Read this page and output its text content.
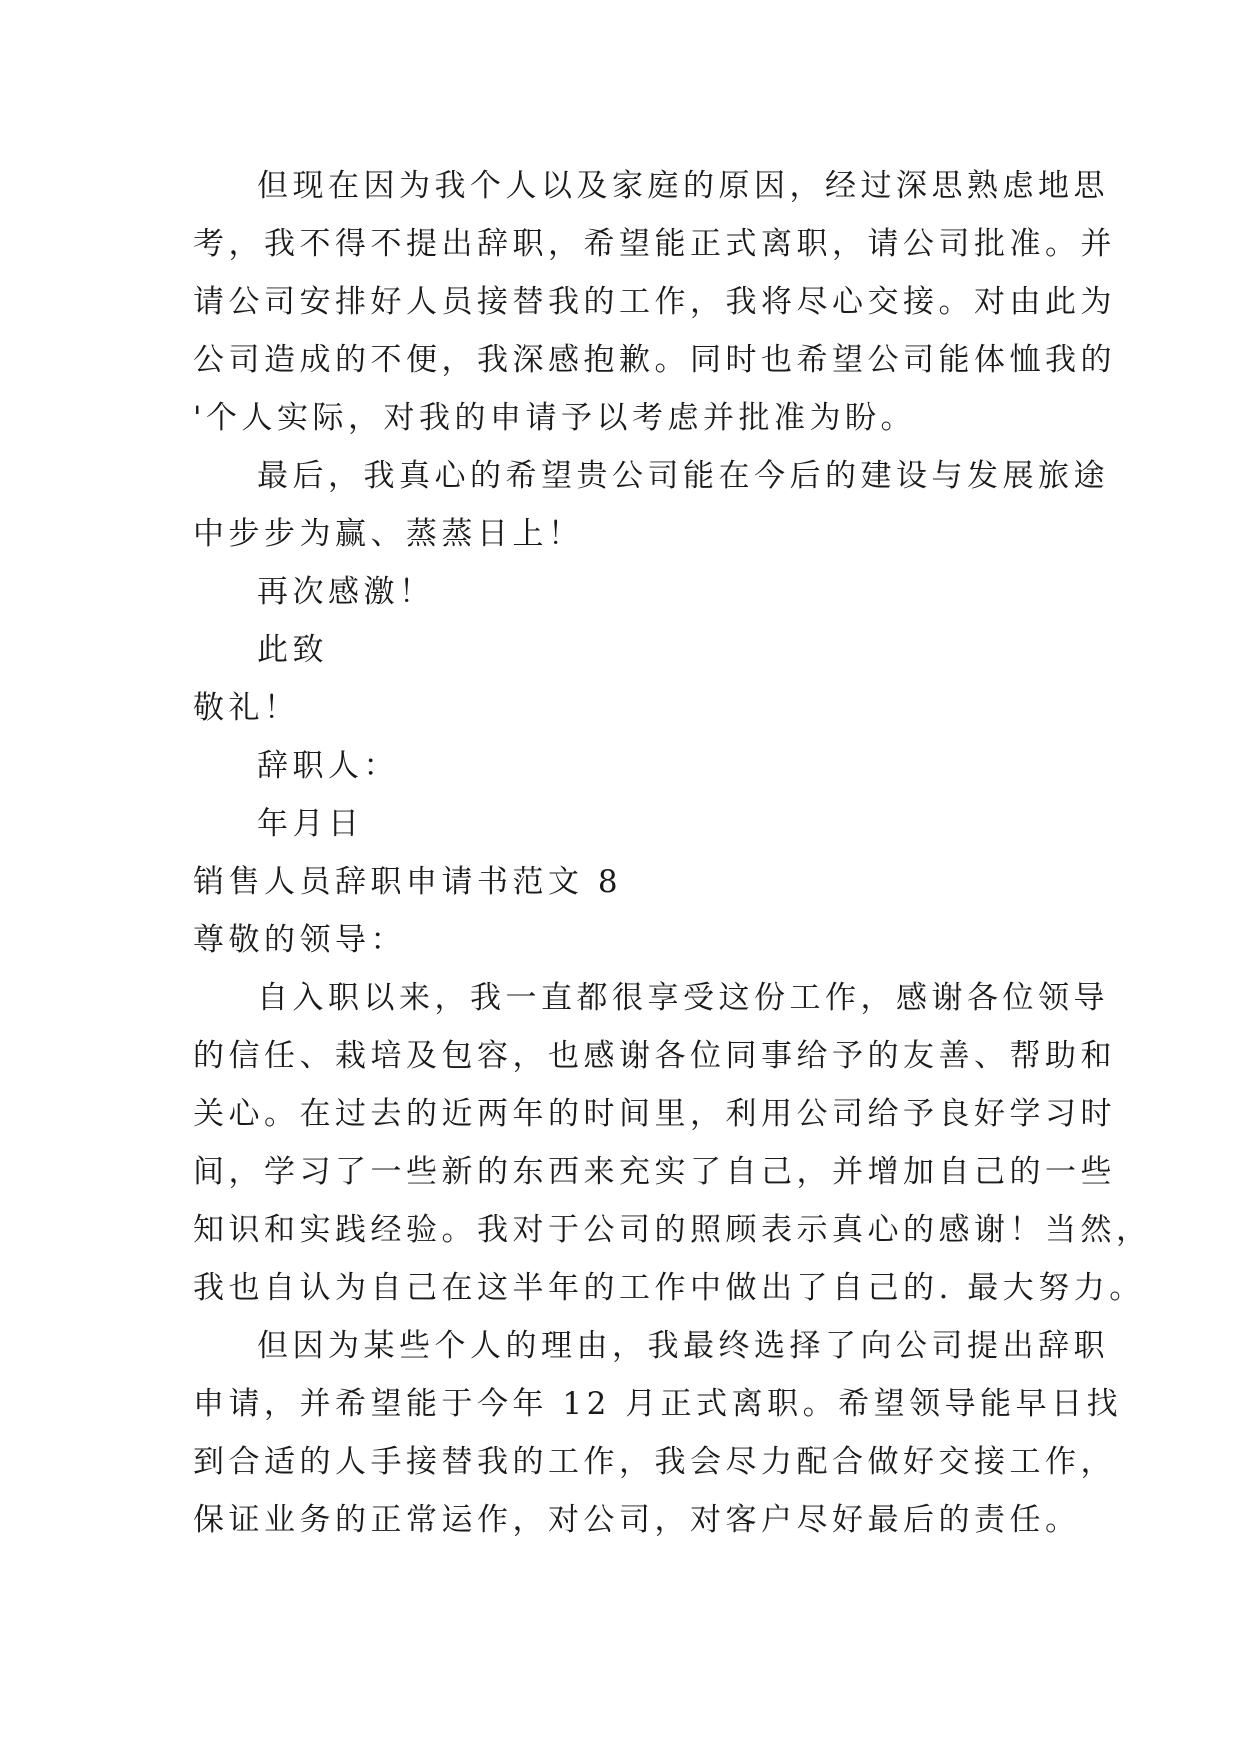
但现在因为我个人以及家庭的原因，经过深思熟虑地思
考，我不得不提出辞职，希望能正式离职，请公司批准。并
请公司安排好人员接替我的工作，我将尽心交接。对由此为
公司造成的不便，我深感抱歉。同时也希望公司能体恤我的
'个人实际，对我的申请予以考虑并批准为盼。
最后，我真心的希望贵公司能在今后的建设与发展旅途
中步步为赢、蒸蒸日上！
再次感激！
此致
敬礼！
辞职人：
年月日
销售人员辞职申请书范文 8
尊敬的领导：
自入职以来，我一直都很享受这份工作，感谢各位领导
的信任、栽培及包容，也感谢各位同事给予的友善、帮助和
关心。在过去的近两年的时间里，利用公司给予良好学习时
间，学习了一些新的东西来充实了自己，并增加自己的一些
知识和实践经验。我对于公司的照顾表示真心的感谢！当然，
我也自认为自己在这半年的工作中做出了自己的. 最大努力。
但因为某些个人的理由，我最终选择了向公司提出辞职
申请，并希望能于今年 12 月正式离职。希望领导能早日找
到合适的人手接替我的工作，我会尽力配合做好交接工作，
保证业务的正常运作，对公司，对客户尽好最后的责任。
